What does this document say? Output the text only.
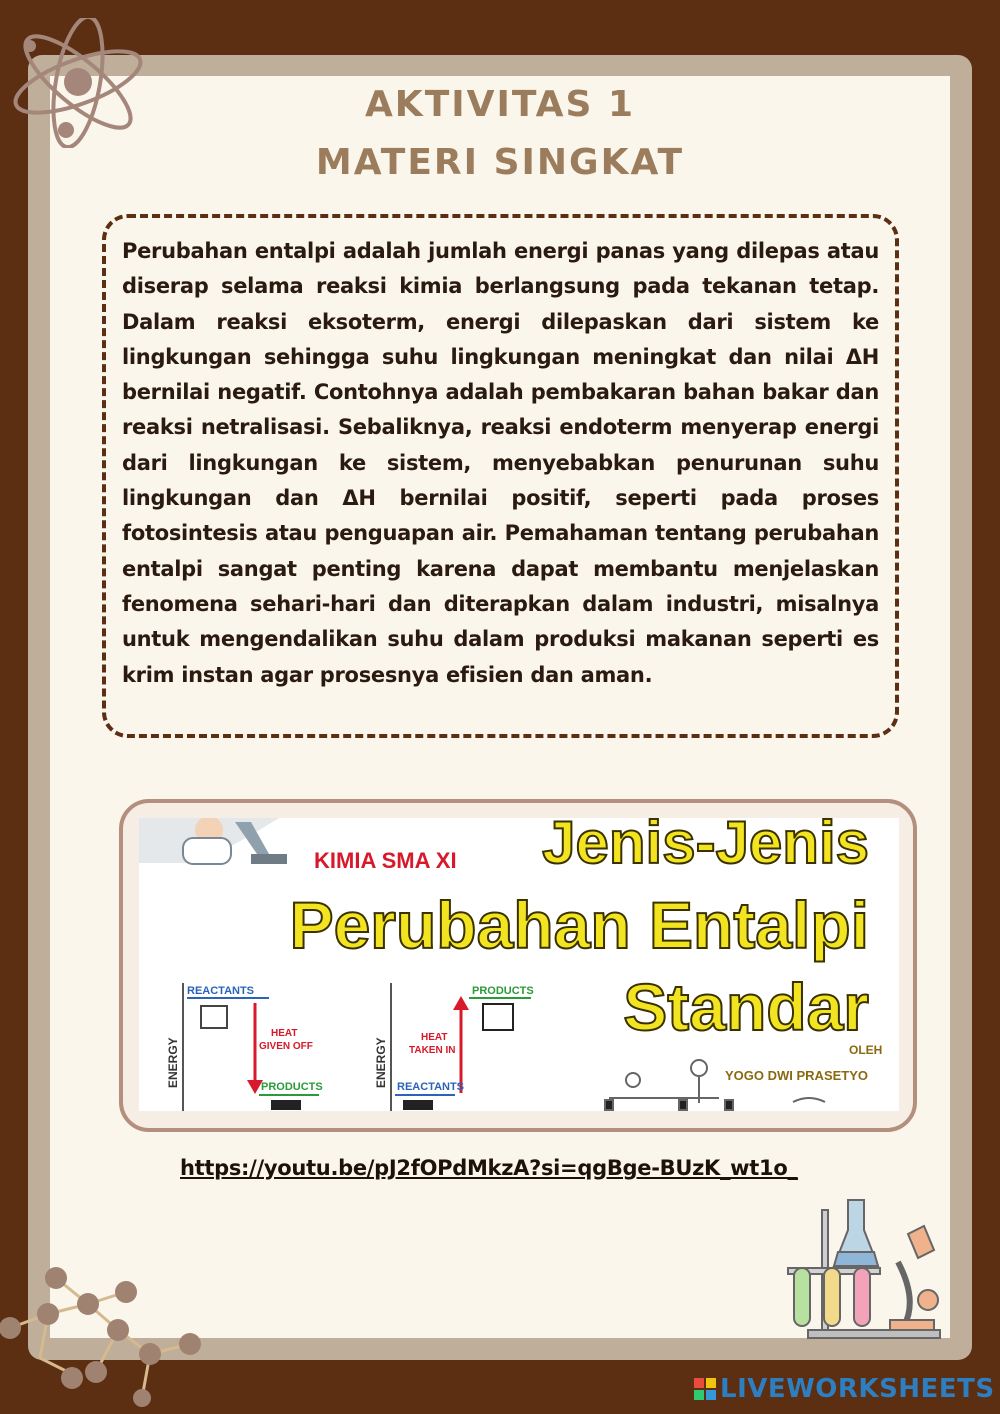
AKTIVITAS 1
MATERI SINGKAT

Perubahan entalpi adalah jumlah energi panas yang dilepas atau diserap selama reaksi kimia berlangsung pada tekanan tetap. Dalam reaksi eksoterm, energi dilepaskan dari sistem ke lingkungan sehingga suhu lingkungan meningkat dan nilai ΔH bernilai negatif. Contohnya adalah pembakaran bahan bakar dan reaksi netralisasi. Sebaliknya, reaksi endoterm menyerap energi dari lingkungan ke sistem, menyebabkan penurunan suhu lingkungan dan ΔH bernilai positif, seperti pada proses fotosintesis atau penguapan air. Pemahaman tentang perubahan entalpi sangat penting karena dapat membantu menjelaskan fenomena sehari-hari dan diterapkan dalam industri, misalnya untuk mengendalikan suhu dalam produksi makanan seperti es krim instan agar prosesnya efisien dan aman.

KIMIA SMA XI Jenis-Jenis
Perubahan Entalpi
Standar
OLEH
YOGO DWI PRASETYO
ENERGY
REACTANTS
HEAT GIVEN OFF
PRODUCTS	ENERGY
PRODUCTS
HEAT TAKEN IN
REACTANTS
https://youtu.be/pJ2fOPdMkzA?si=qgBge-BUzK_wt1o_
LIVEWORKSHEETS
